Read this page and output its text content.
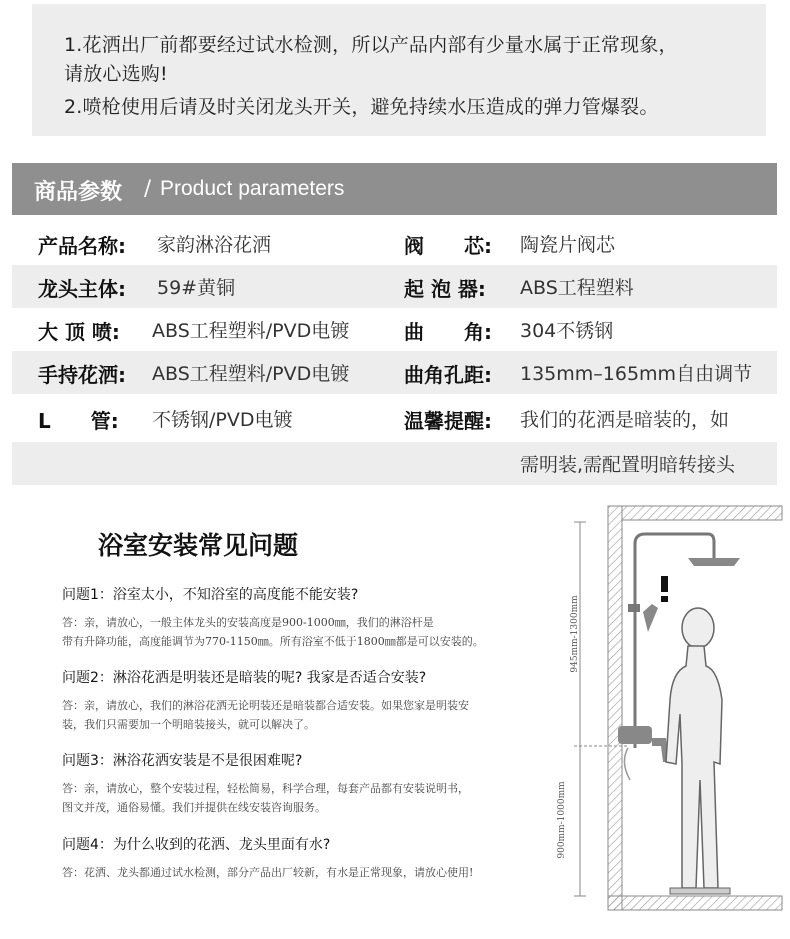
1.花洒出厂前都要经过试水检测，所以产品内部有少量水属于正常现象，
请放心选购!
2.喷枪使用后请及时关闭龙头开关，避免持续水压造成的弹力管爆裂。
商品参数 / Product parameters
产品名称: 家韵淋浴花洒	阀　　芯: 陶瓷片阀芯
龙头主体: 59#黄铜	起 泡 器: ABS工程塑料
大 顶 喷: ABS工程塑料/PVD电镀	曲　　角: 304不锈钢
手持花洒: ABS工程塑料/PVD电镀	曲角孔距: 135mm–165mm自由调节
L　　管: 不锈钢/PVD电镀	温馨提醒: 我们的花洒是暗装的，如
需明装,需配置明暗转接头
浴室安装常见问题
问题1：浴室太小，不知浴室的高度能不能安装?
答：亲，请放心，一般主体龙头的安装高度是900-1000㎜，我们的淋浴杆是
带有升降功能，高度能调节为770-1150㎜。所有浴室不低于1800㎜都是可以安装的。
问题2：淋浴花洒是明装还是暗装的呢? 我家是否适合安装?
答：亲，请放心，我们的淋浴花洒无论明装还是暗装都合适安装。如果您家是明装安
装，我们只需要加一个明暗装接头，就可以解决了。
问题3：淋浴花洒安装是不是很困难呢?
答：亲，请放心，整个安装过程，轻松简易，科学合理，每套产品都有安装说明书，
图文并茂，通俗易懂。我们并提供在线安装咨询服务。
问题4：为什么收到的花洒、龙头里面有水?
答：花洒、龙头都通过试水检测，部分产品出厂较新，有水是正常现象，请放心使用!
945mm-1300mm
900mm-1000mm
